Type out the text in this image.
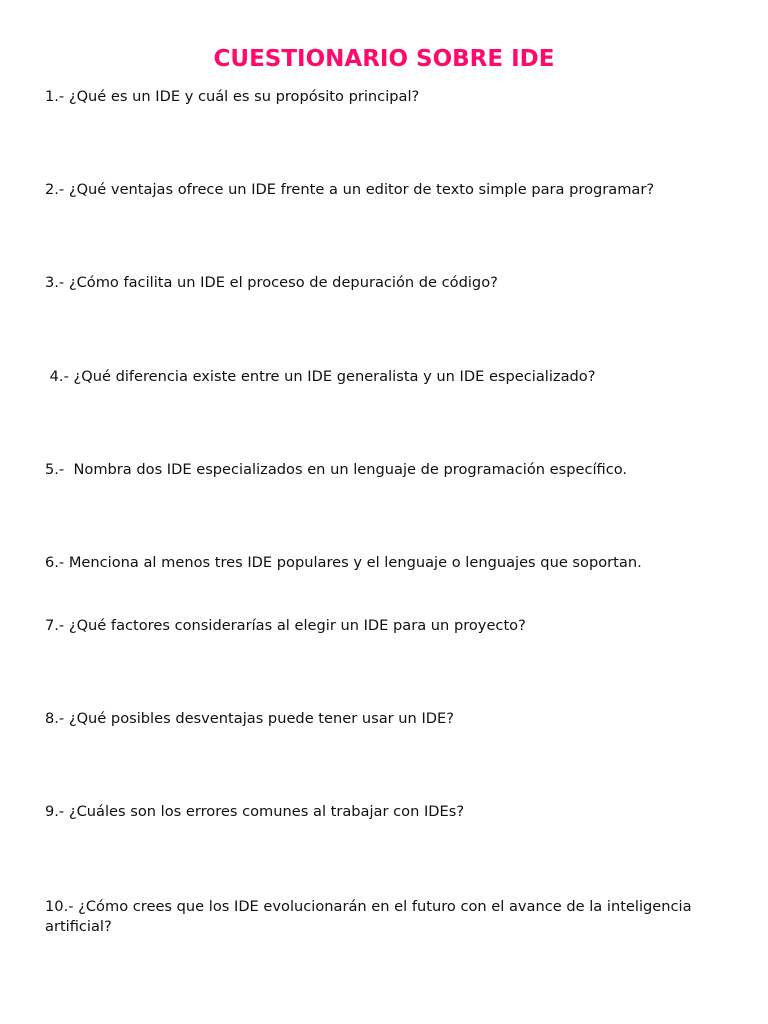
CUESTIONARIO SOBRE IDE

1.- ¿Qué es un IDE y cuál es su propósito principal?

2.- ¿Qué ventajas ofrece un IDE frente a un editor de texto simple para programar?

3.- ¿Cómo facilita un IDE el proceso de depuración de código?

4.- ¿Qué diferencia existe entre un IDE generalista y un IDE especializado?

5.-  Nombra dos IDE especializados en un lenguaje de programación específico.

6.- Menciona al menos tres IDE populares y el lenguaje o lenguajes que soportan.

7.- ¿Qué factores considerarías al elegir un IDE para un proyecto?

8.- ¿Qué posibles desventajas puede tener usar un IDE?

9.- ¿Cuáles son los errores comunes al trabajar con IDEs?

10.- ¿Cómo crees que los IDE evolucionarán en el futuro con el avance de la inteligencia artificial?
